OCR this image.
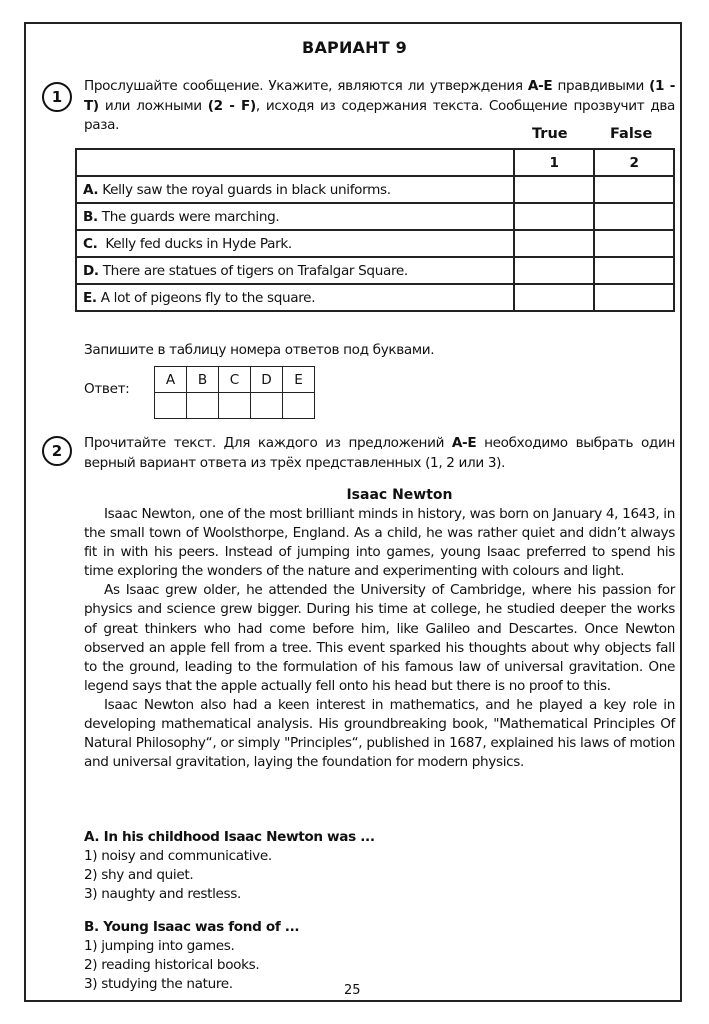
ВАРИАНТ 9
1
Прослушайте сообщение. Укажите, являются ли утверждения A-E правдивыми (1 - T) или ложными (2 - F), исходя из содержания текста. Сообщение прозвучит два раза.
True	False
	1	2
A. Kelly saw the royal guards in black uniforms.		
B. The guards were marching.		
C.  Kelly fed ducks in Hyde Park.		
D. There are statues of tigers on Trafalgar Square.		
E. A lot of pigeons fly to the square.		
Запишите в таблицу номера ответов под буквами.
Ответ:
A	B	C	D	E

2	Прочитайте текст. Для каждого из предложений A-E необходимо выбрать один верный вариант ответа из трёх представленных (1, 2 или 3).
Isaac Newton

Isaac Newton, one of the most brilliant minds in history, was born on January 4, 1643, in the small town of Woolsthorpe, England. As a child, he was rather quiet and didn’t always fit in with his peers. Instead of jumping into games, young Isaac preferred to spend his time exploring the wonders of the nature and experimenting with colours and light.

As Isaac grew older, he attended the University of Cambridge, where his passion for physics and science grew bigger. During his time at college, he studied deeper the works of great thinkers who had come before him, like Galileo and Descartes. Once Newton observed an apple fell from a tree. This event sparked his thoughts about why objects fall to the ground, leading to the formulation of his famous law of universal gravitation. One legend says that the apple actually fell onto his head but there is no proof to this.

Isaac Newton also had a keen interest in mathematics, and he played a key role in developing mathematical analysis. His groundbreaking book, "Mathematical Principles Of Natural Philosophy“, or simply "Principles“, published in 1687, explained his laws of motion and universal gravitation, laying the foundation for modern physics.

A. In his childhood Isaac Newton was ...
1) noisy and communicative.
2) shy and quiet.
3) naughty and restless.
B. Young Isaac was fond of ...
1) jumping into games.
2) reading historical books.
3) studying the nature.	25
